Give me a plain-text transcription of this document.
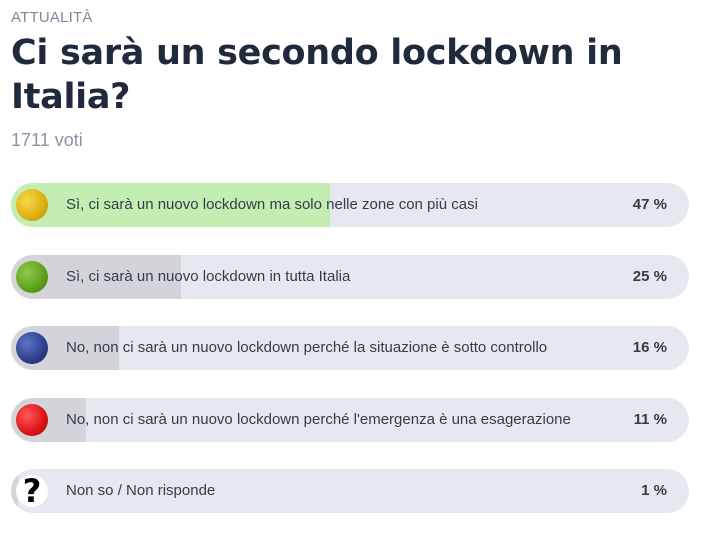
ATTUALITÀ
Ci sarà un secondo lockdown in Italia?
1711 voti
Sì, ci sarà un nuovo lockdown ma solo nelle zone con più casi	47 %
Sì, ci sarà un nuovo lockdown in tutta Italia	25 %
No, non ci sarà un nuovo lockdown perché la situazione è sotto controllo	16 %
No, non ci sarà un nuovo lockdown perché l'emergenza è una esagerazione	11 %
?	Non so / Non risponde	1 %
